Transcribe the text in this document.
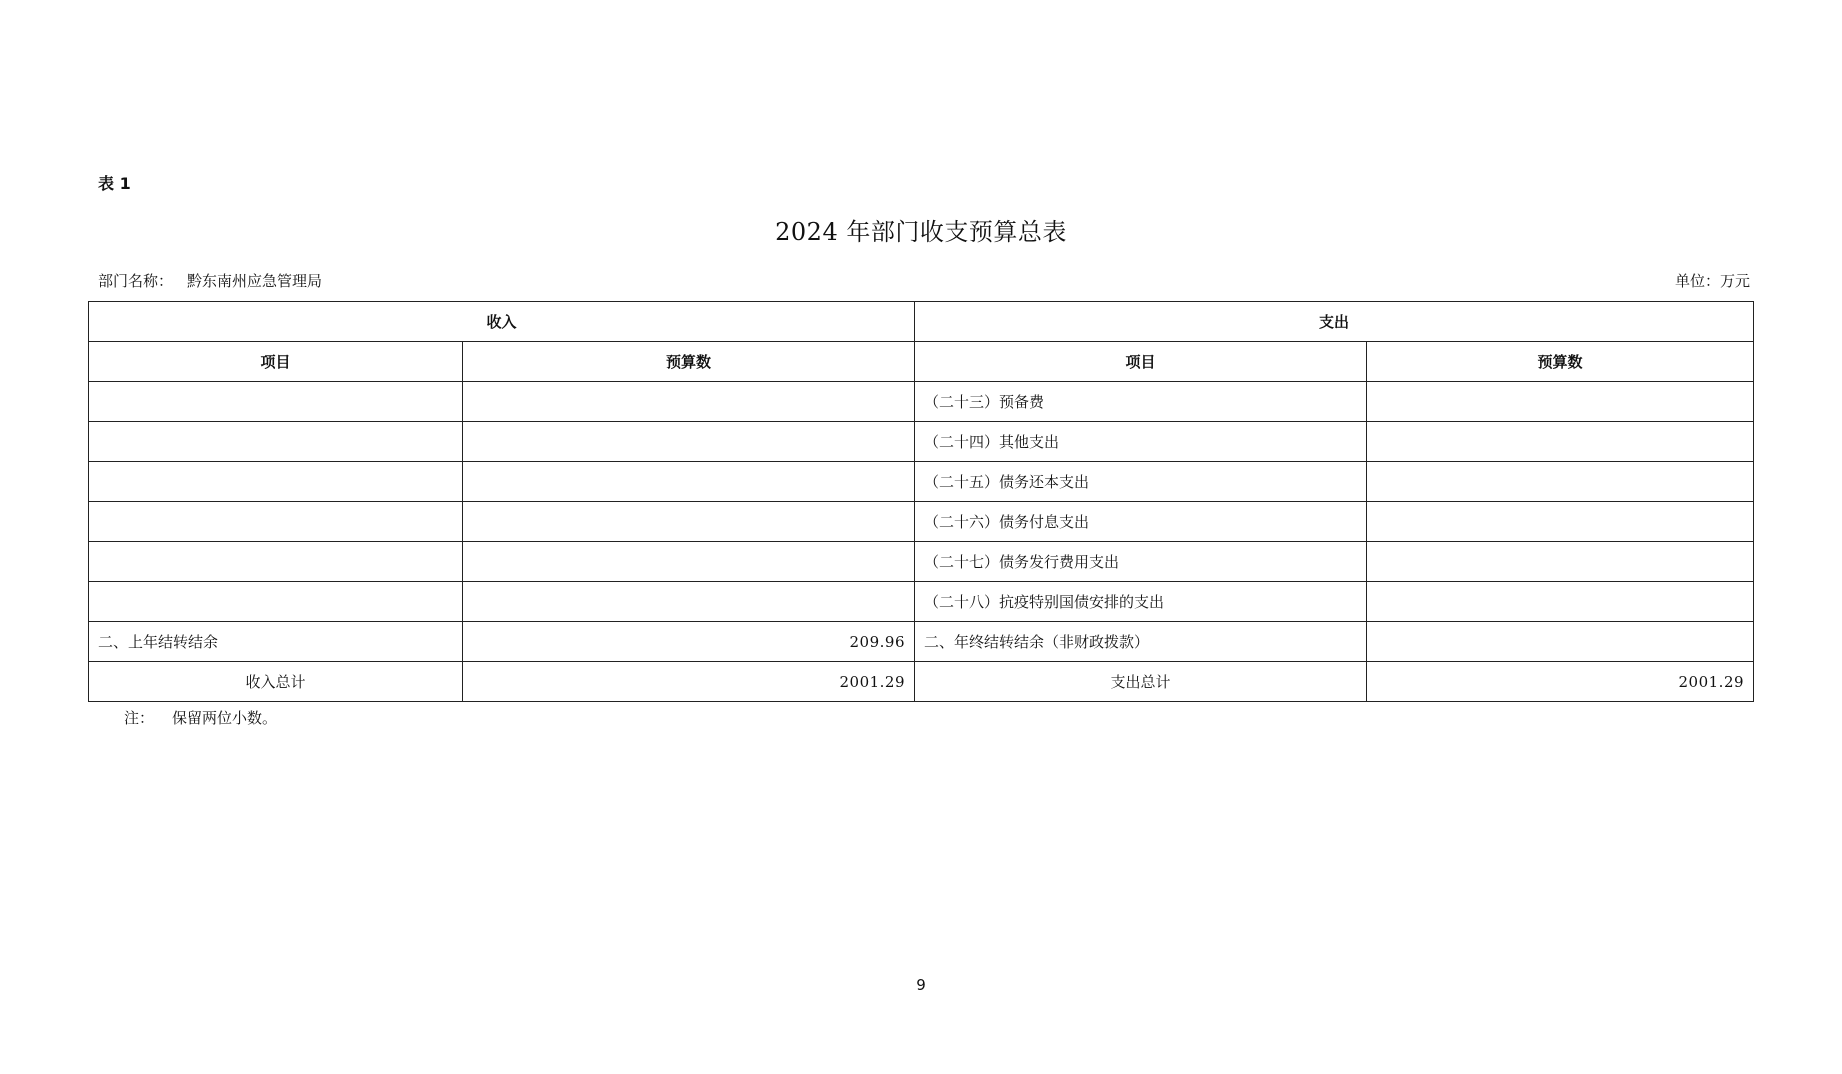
表 1
2024 年部门收支预算总表
部门名称： 黔东南州应急管理局	单位：万元
收入		支出	
项目	预算数	项目	预算数
		（二十三）预备费	
		（二十四）其他支出	
		（二十五）债务还本支出	
		（二十六）债务付息支出	
		（二十七）债务发行费用支出	
		（二十八）抗疫特别国债安排的支出	
二、上年结转结余	209.96	二、年终结转结余（非财政拨款）	
收入总计	2001.29	支出总计	2001.29
注： 保留两位小数。
9
